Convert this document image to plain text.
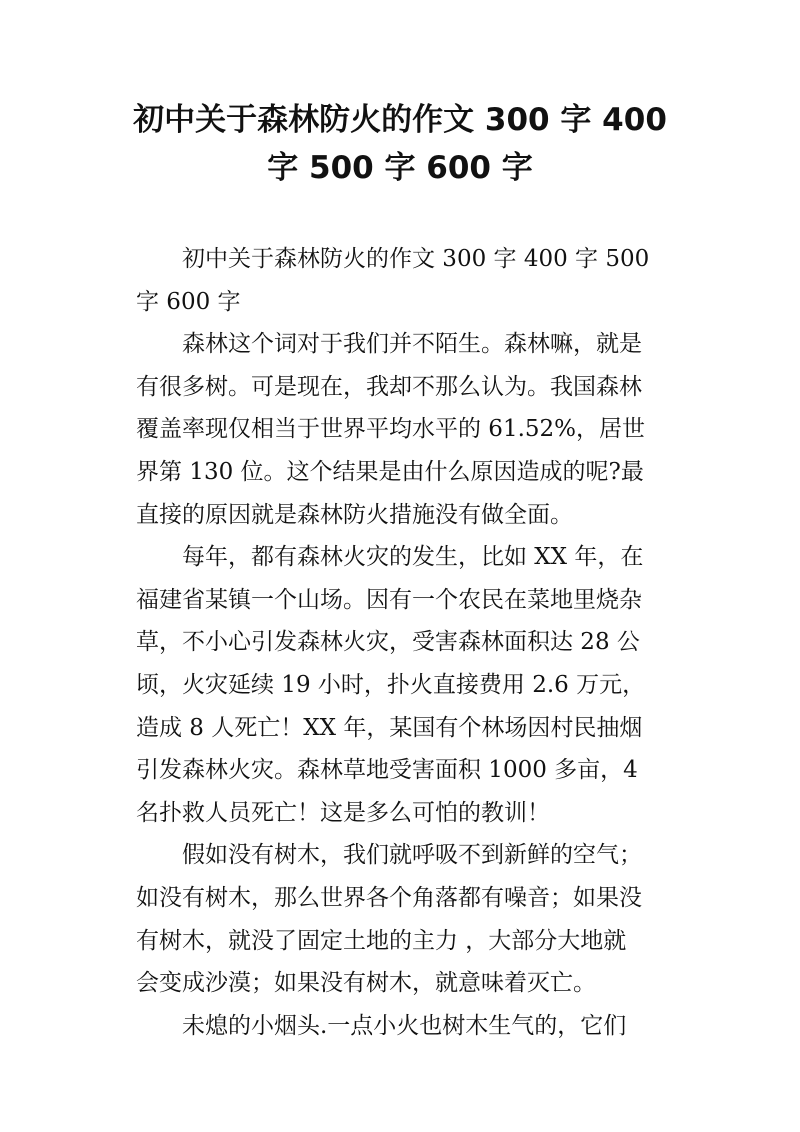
初中关于森林防火的作文 300 字 400
字 500 字 600 字
初中关于森林防火的作文 300 字 400 字 500
字 600 字
森林这个词对于我们并不陌生。森林嘛，就是
有很多树。可是现在，我却不那么认为。我国森林
覆盖率现仅相当于世界平均水平的 61.52%，居世
界第 130 位。这个结果是由什么原因造成的呢?最
直接的原因就是森林防火措施没有做全面。
每年，都有森林火灾的发生，比如 XX 年，在
福建省某镇一个山场。因有一个农民在菜地里烧杂
草，不小心引发森林火灾，受害森林面积达 28 公
顷，火灾延续 19 小时，扑火直接费用 2.6 万元，
造成 8 人死亡！XX 年，某国有个林场因村民抽烟
引发森林火灾。森林草地受害面积 1000 多亩，4
名扑救人员死亡！这是多么可怕的教训！
假如没有树木，我们就呼吸不到新鲜的空气；
如没有树木，那么世界各个角落都有噪音；如果没
有树木，就没了固定土地的主力 ，大部分大地就
会变成沙漠；如果没有树木，就意味着灭亡。
未熄的小烟头.一点小火也树木生气的，它们
